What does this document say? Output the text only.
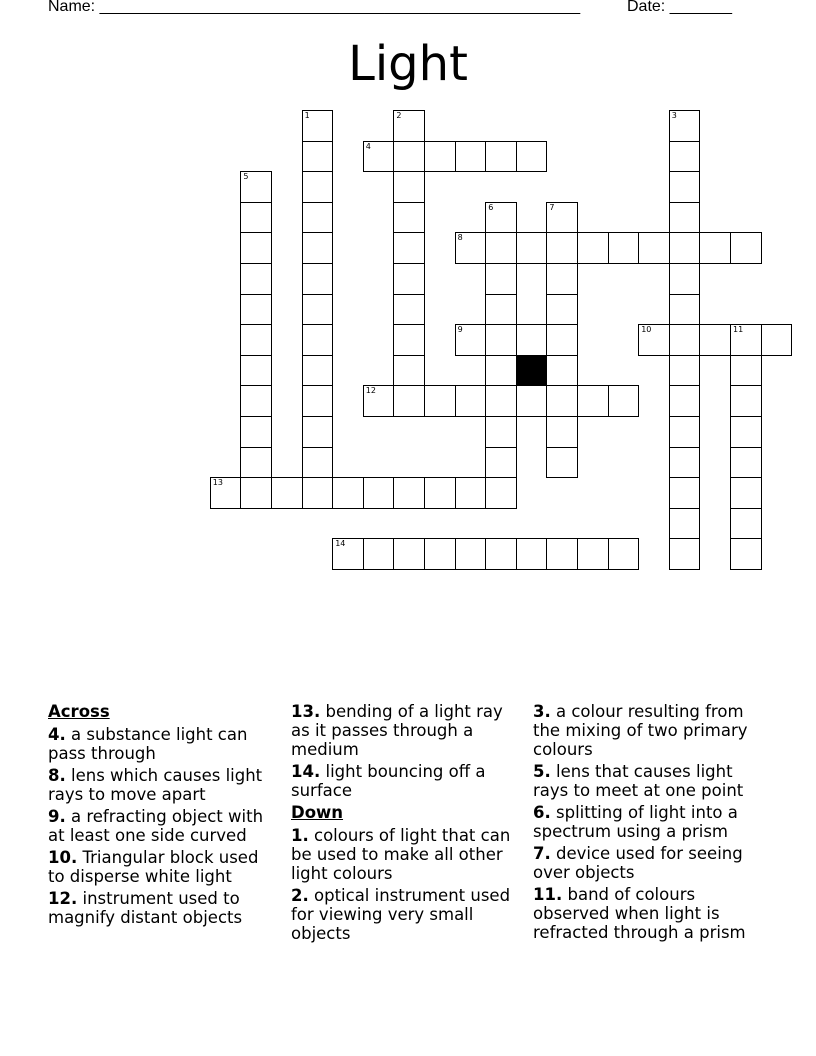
Name: ______________________________________________________	Date: _______
Light
1	2	3
4
5
6	7
8
9	10	11
12
13
14
Across
4. a substance light can pass through
8. lens which causes light rays to move apart
9. a refracting object with at least one side curved
10. Triangular block used to disperse white light
12. instrument used to magnify distant objects
13. bending of a light ray as it passes through a medium
14. light bouncing off a surface
Down
1. colours of light that can be used to make all other light colours
2. optical instrument used for viewing very small objects
3. a colour resulting from the mixing of two primary colours
5. lens that causes light rays to meet at one point
6. splitting of light into a spectrum using a prism
7. device used for seeing over objects
11. band of colours observed when light is refracted through a prism
